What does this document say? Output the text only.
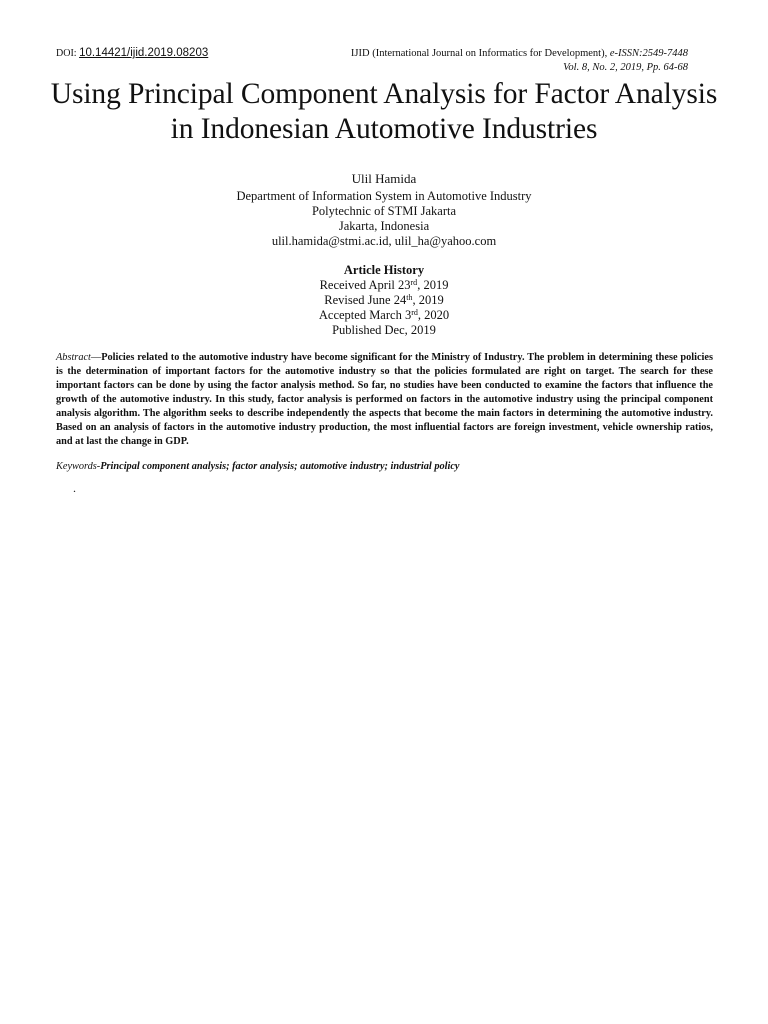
DOI: 10.14421/ijid.2019.08203	IJID (International Journal on Informatics for Development), e-ISSN:2549-7448
Vol. 8, No. 2, 2019, Pp. 64-68
Using Principal Component Analysis for Factor Analysis in Indonesian Automotive Industries
Ulil Hamida
Department of Information System in Automotive Industry
Polytechnic of STMI Jakarta
Jakarta, Indonesia
ulil.hamida@stmi.ac.id, ulil_ha@yahoo.com
Article History
Received April 23rd, 2019
Revised June 24th, 2019
Accepted March 3rd, 2020
Published Dec, 2019
Abstract—Policies related to the automotive industry have become significant for the Ministry of Industry. The problem in determining these policies is the determination of important factors for the automotive industry so that the policies formulated are right on target. The search for these important factors can be done by using the factor analysis method. So far, no studies have been conducted to examine the factors that influence the growth of the automotive industry. In this study, factor analysis is performed on factors in the automotive industry using the principal component analysis algorithm. The algorithm seeks to describe independently the aspects that become the main factors in determining the automotive industry. Based on an analysis of factors in the automotive industry production, the most influential factors are foreign investment, vehicle ownership ratios, and at last the change in GDP.
Keywords-Principal component analysis; factor analysis; automotive industry; industrial policy
.
